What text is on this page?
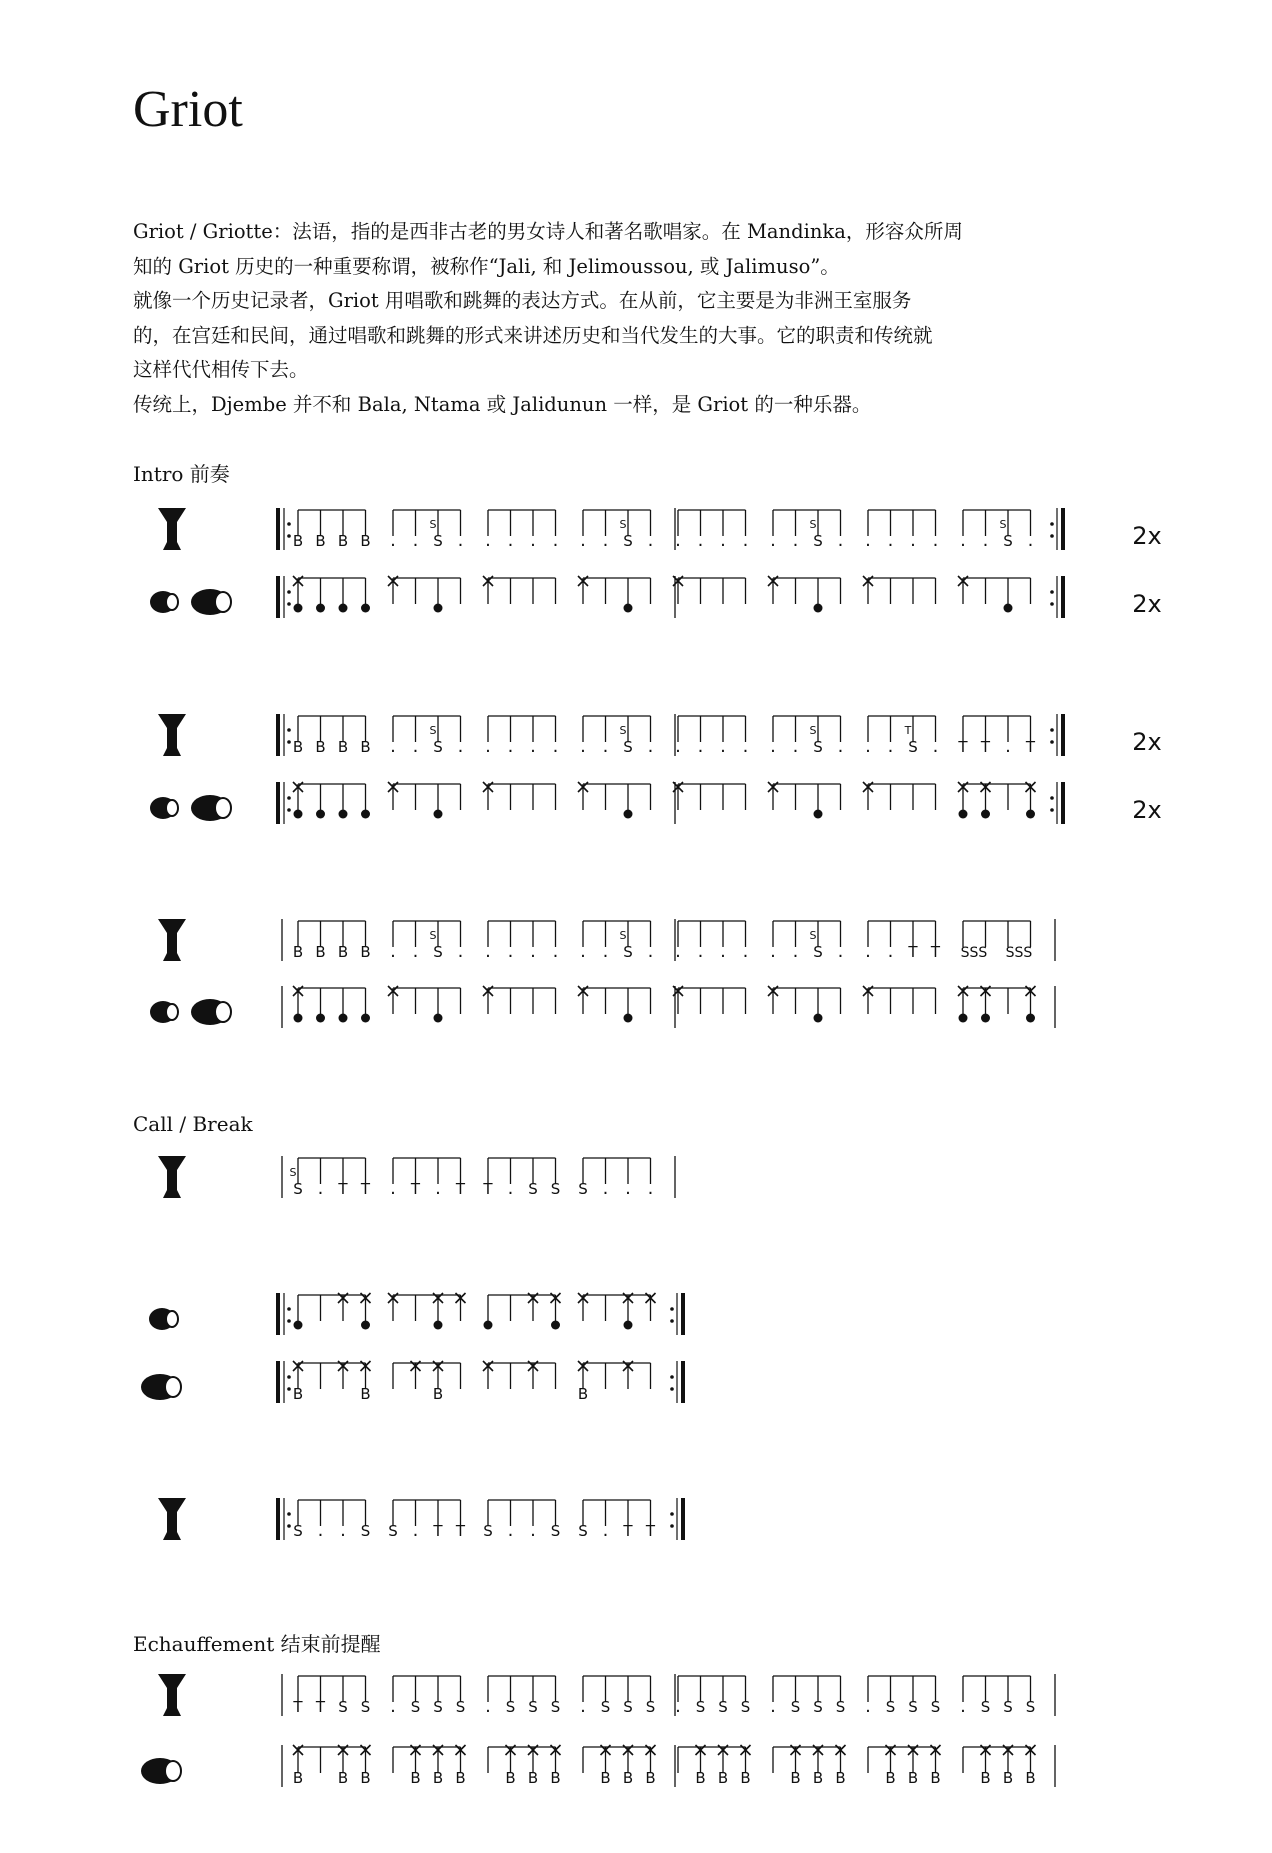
Griot

Griot / Griotte：法语，指的是西非古老的男女诗人和著名歌唱家。在 Mandinka，形容众所周

知的 Griot 历史的一种重要称谓，被称作“Jali, 和 Jelimoussou, 或 Jalimuso”。

就像一个历史记录者，Griot 用唱歌和跳舞的表达方式。在从前，它主要是为非洲王室服务

的，在宫廷和民间，通过唱歌和跳舞的形式来讲述历史和当代发生的大事。它的职责和传统就

这样代代相传下去。

传统上，Djembe 并不和 Bala, Ntama 或 Jalidunun 一样，是 Griot 的一种乐器。

Intro 前奏
Call / Break
Echauffement 结束前提醒
B B B B . .
S
S . . . . . . .
S
S . . . . . . .
S
S . . . . . . .
S
S .	2x
2x
B B B B . .
S
S . . . . . . .
S
S . . . . . . .
S
S . . .
T
S . T T . T	2x
2x
B B B B . .
S
S . . . . . . .
S
S . . . . . . .
S
S . . . T T SSS SSS
S
S . T T . T . T T . S S S . . .
B	B	B	B
S . . S S . T T S . . S S . T T
T T S S . S S S . S S S . S S S . S S S . S S S . S S S . S S S
B B B	B B B	B B B	B B B	B B B	B B B	B B B	B B B
